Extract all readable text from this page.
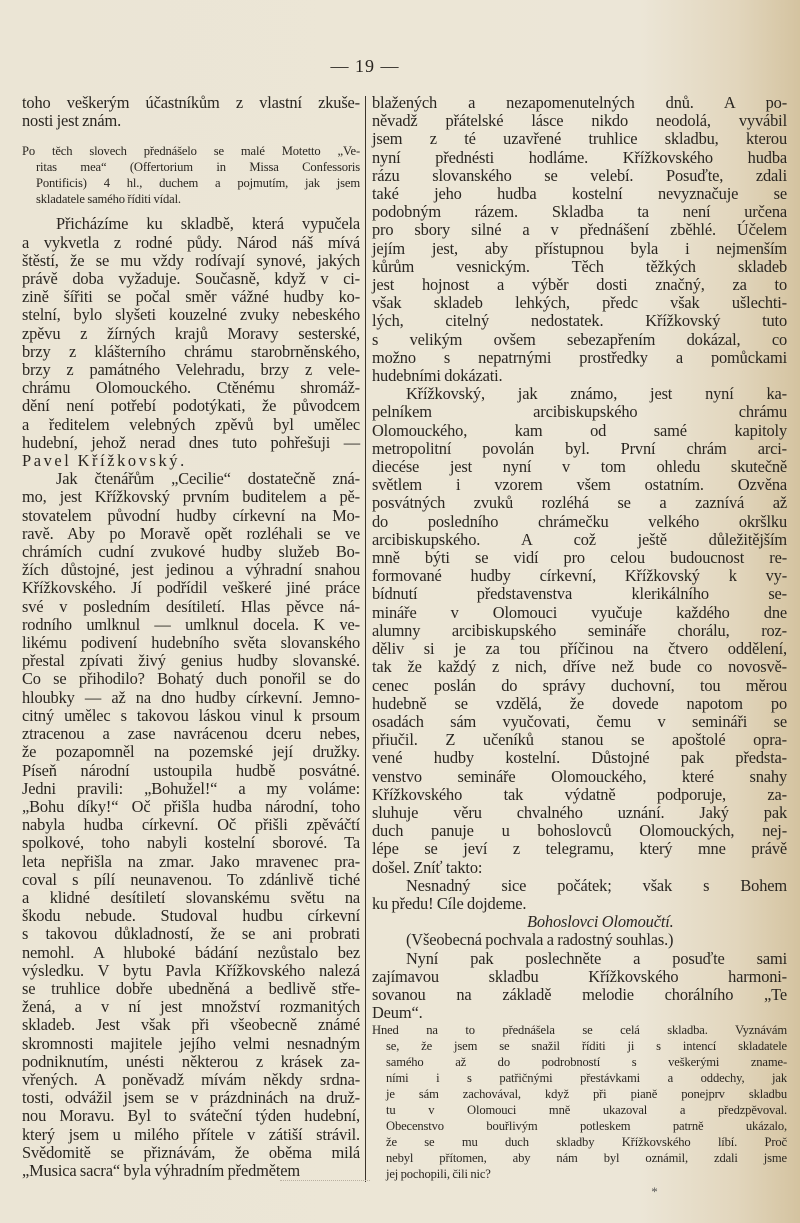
— 19 —
toho veškerým účastníkům z vlastní zkuše-
nosti jest znám.
Po těch slovech přednášelo se malé Motetto „Ve-
ritas mea“ (Offertorium in Missa Confessoris
Pontificis) 4 hl., duchem a pojmutím, jak jsem
skladatele samého říditi vídal.
Přicházíme ku skladbě, která vypučela
a vykvetla z rodné půdy. Národ náš mívá
štěstí, že se mu vždy rodívají synové, jakých
právě doba vyžaduje. Současně, když v ci-
zině šířiti se počal směr vážné hudby ko-
stelní, bylo slyšeti kouzelné zvuky nebeského
zpěvu z žírných krajů Moravy sesterské,
brzy z klášterního chrámu starobrněnského,
brzy z památného Velehradu, brzy z vele-
chrámu Olomouckého. Ctěnému shromáž-
dění není potřebí podotýkati, že původcem
a ředitelem velebných zpěvů byl umělec
hudební, jehož nerad dnes tuto pohřešuji —
Pavel Křížkovský.
Jak čtenářům „Cecilie“ dostatečně zná-
mo, jest Křížkovský prvním buditelem a pě-
stovatelem původní hudby církevní na Mo-
ravě. Aby po Moravě opět rozléhali se ve
chrámích cudní zvukové hudby služeb Bo-
žích důstojné, jest jedinou a výhradní snahou
Křížkovského. Jí podřídil veškeré jiné práce
své v posledním desítiletí. Hlas pěvce ná-
rodního umlknul — umlknul docela. K ve-
likému podivení hudebního světa slovanského
přestal zpívati živý genius hudby slovanské.
Co se přihodilo? Bohatý duch ponořil se do
hloubky — až na dno hudby církevní. Jemno-
citný umělec s takovou láskou vinul k prsoum
ztracenou a zase navrácenou dceru nebes,
že pozapomněl na pozemské její družky.
Píseň národní ustoupila hudbě posvátné.
Jedni pravili: „Bohužel!“ a my voláme:
„Bohu díky!“ Oč přišla hudba národní, toho
nabyla hudba církevní. Oč přišli zpěváčtí
spolkové, toho nabyli kostelní sborové. Ta
leta nepřišla na zmar. Jako mravenec pra-
coval s pílí neunavenou. To zdánlivě tiché
a klidné desítiletí slovanskému světu na
škodu nebude. Studoval hudbu církevní
s takovou důkladností, že se ani probrati
nemohl. A hluboké bádání nezůstalo bez
výsledku. V bytu Pavla Křížkovského nalezá
se truhlice dobře ubedněná a bedlivě stře-
žená, a v ní jest množství rozmanitých
skladeb. Jest však při všeobecně známé
skromnosti majitele jejího velmi nesnadným
podniknutím, unésti některou z krásek za-
vřených. A poněvadž mívám někdy srdna-
tosti, odvážil jsem se v prázdninách na druž-
nou Moravu. Byl to sváteční týden hudební,
který jsem u milého přítele v zátiší strávil.
Svědomitě se přiznávám, že oběma milá
„Musica sacra“ byla výhradním předmětem
blažených a nezapomenutelných dnů. A po-
něvadž přátelské lásce nikdo neodolá, vyvábil
jsem z té uzavřené truhlice skladbu, kterou
nyní přednésti hodláme. Křížkovského hudba
rázu slovanského se velebí. Posuďte, zdali
také jeho hudba kostelní nevyznačuje se
podobným rázem. Skladba ta není určena
pro sbory silné a v přednášení zběhlé. Účelem
jejím jest, aby přístupnou byla i nejmenším
kůrům vesnickým. Těch těžkých skladeb
jest hojnost a výběr dosti značný, za to
však skladeb lehkých, předc však ušlechti-
lých, citelný nedostatek. Křížkovský tuto
s velikým ovšem sebezapřením dokázal, co
možno s nepatrnými prostředky a pomůckami
hudebními dokázati.
Křížkovský, jak známo, jest nyní ka-
pelníkem arcibiskupského chrámu
Olomouckého, kam od samé kapitoly
metropolitní povolán byl. První chrám arci-
diecése jest nyní v tom ohledu skutečně
světlem i vzorem všem ostatním. Ozvěna
posvátných zvuků rozléhá se a zaznívá až
do posledního chrámečku velkého okršlku
arcibiskupského. A což ještě důležitějším
mně býti se vidí pro celou budoucnost re-
formované hudby církevní, Křížkovský k vy-
bídnutí představenstva klerikálního se-
mináře v Olomouci vyučuje každého dne
alumny arcibiskupského semináře chorálu, roz-
děliv si je za tou příčinou na čtvero oddělení,
tak že každý z nich, dříve než bude co novosvě-
cenec poslán do správy duchovní, tou měrou
hudebně se vzdělá, že dovede napotom po
osadách sám vyučovati, čemu v semináři se
přiučil. Z učeníků stanou se apoštolé opra-
vené hudby kostelní. Důstojné pak předsta-
venstvo semináře Olomouckého, které snahy
Křížkovského tak výdatně podporuje, za-
sluhuje věru chvalného uznání. Jaký pak
duch panuje u bohoslovců Olomouckých, nej-
lépe se jeví z telegramu, který mne právě
došel. Zníť takto:
Nesnadný sice počátek; však s Bohem
ku předu! Cíle dojdeme.
Bohoslovci Olomoučtí.
(Všeobecná pochvala a radostný souhlas.)
Nyní pak poslechněte a posuďte sami
zajímavou skladbu Křížkovského harmoni-
sovanou na základě melodie chorálního „Te
Deum“.
Hned na to přednášela se celá skladba. Vyznávám
se, že jsem se snažil říditi ji s intencí skladatele
samého až do podrobností s veškerými zname-
ními i s patřičnými přestávkami a oddechy, jak
je sám zachovával, když při pianě ponejprv skladbu
tu v Olomouci mně ukazoval a předzpěvoval.
Obecenstvo bouřlivým potleskem patrně ukázalo,
že se mu duch skladby Křížkovského líbí. Proč
nebyl přítomen, aby nám byl oznámil, zdali jsme
jej pochopili, čili nic?
*
